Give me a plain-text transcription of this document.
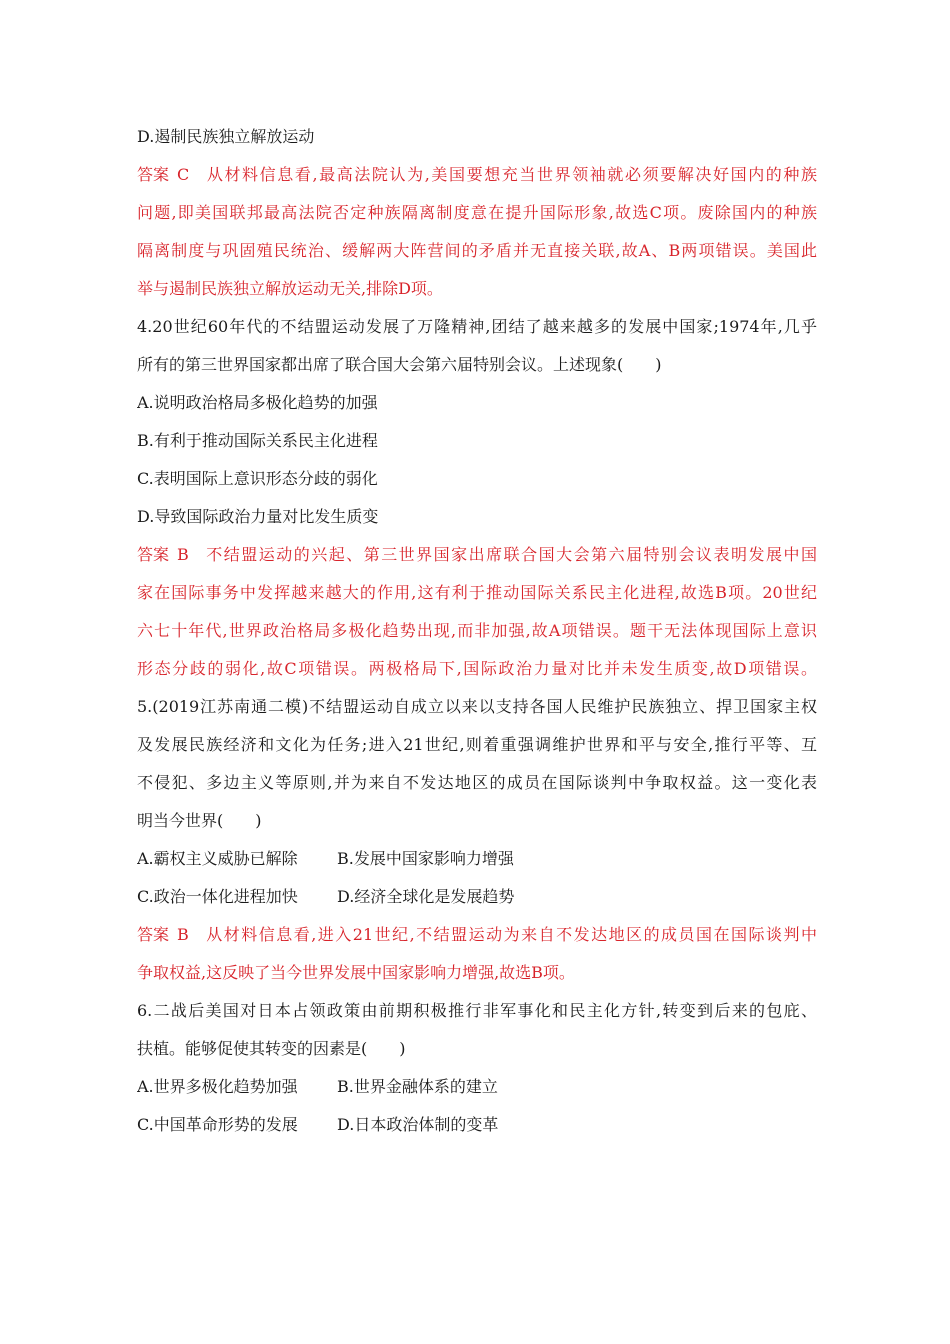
D.遏制民族独立解放运动
答案 C 从材料信息看,最高法院认为,美国要想充当世界领袖就必须要解决好国内的种族
问题,即美国联邦最高法院否定种族隔离制度意在提升国际形象,故选C项。废除国内的种族
隔离制度与巩固殖民统治、缓解两大阵营间的矛盾并无直接关联,故A、B两项错误。美国此
举与遏制民族独立解放运动无关,排除D项。
4.20世纪60年代的不结盟运动发展了万隆精神,团结了越来越多的发展中国家;1974年,几乎
所有的第三世界国家都出席了联合国大会第六届特别会议。上述现象(　　)
A.说明政治格局多极化趋势的加强
B.有利于推动国际关系民主化进程
C.表明国际上意识形态分歧的弱化
D.导致国际政治力量对比发生质变
答案 B 不结盟运动的兴起、第三世界国家出席联合国大会第六届特别会议表明发展中国
家在国际事务中发挥越来越大的作用,这有利于推动国际关系民主化进程,故选B项。20世纪
六七十年代,世界政治格局多极化趋势出现,而非加强,故A项错误。题干无法体现国际上意识
形态分歧的弱化,故C项错误。两极格局下,国际政治力量对比并未发生质变,故D项错误。
5.(2019江苏南通二模)不结盟运动自成立以来以支持各国人民维护民族独立、捍卫国家主权
及发展民族经济和文化为任务;进入21世纪,则着重强调维护世界和平与安全,推行平等、互
不侵犯、多边主义等原则,并为来自不发达地区的成员在国际谈判中争取权益。这一变化表
明当今世界(　　)
A.霸权主义威胁已解除	B.发展中国家影响力增强
C.政治一体化进程加快	D.经济全球化是发展趋势
答案 B 从材料信息看,进入21世纪,不结盟运动为来自不发达地区的成员国在国际谈判中
争取权益,这反映了当今世界发展中国家影响力增强,故选B项。
6.二战后美国对日本占领政策由前期积极推行非军事化和民主化方针,转变到后来的包庇、
扶植。能够促使其转变的因素是(　　)
A.世界多极化趋势加强	B.世界金融体系的建立
C.中国革命形势的发展	D.日本政治体制的变革
